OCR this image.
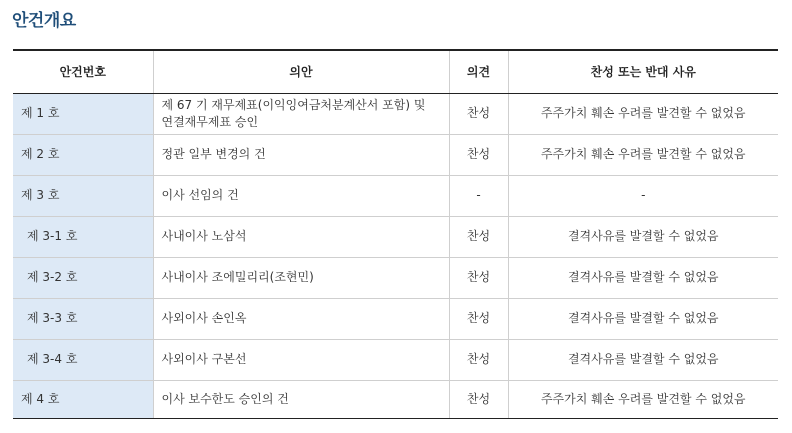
안건개요
안건번호	의안	의견	찬성 또는 반대 사유
제 1 호	제 67 기 재무제표(이익잉여금처분계산서 포함) 및 연결재무제표 승인	찬성	주주가치 훼손 우려를 발견할 수 없었음
제 2 호	정관 일부 변경의 건	찬성	주주가치 훼손 우려를 발견할 수 없었음
제 3 호	이사 선임의 건	-	-
제 3-1 호	사내이사 노삼석	찬성	결격사유를 발결할 수 없었음
제 3-2 호	사내이사 조에밀리리(조현민)	찬성	결격사유를 발결할 수 없었음
제 3-3 호	사외이사 손인옥	찬성	결격사유를 발결할 수 없었음
제 3-4 호	사외이사 구본선	찬성	결격사유를 발결할 수 없었음
제 4 호	이사 보수한도 승인의 건	찬성	주주가치 훼손 우려를 발견할 수 없었음
